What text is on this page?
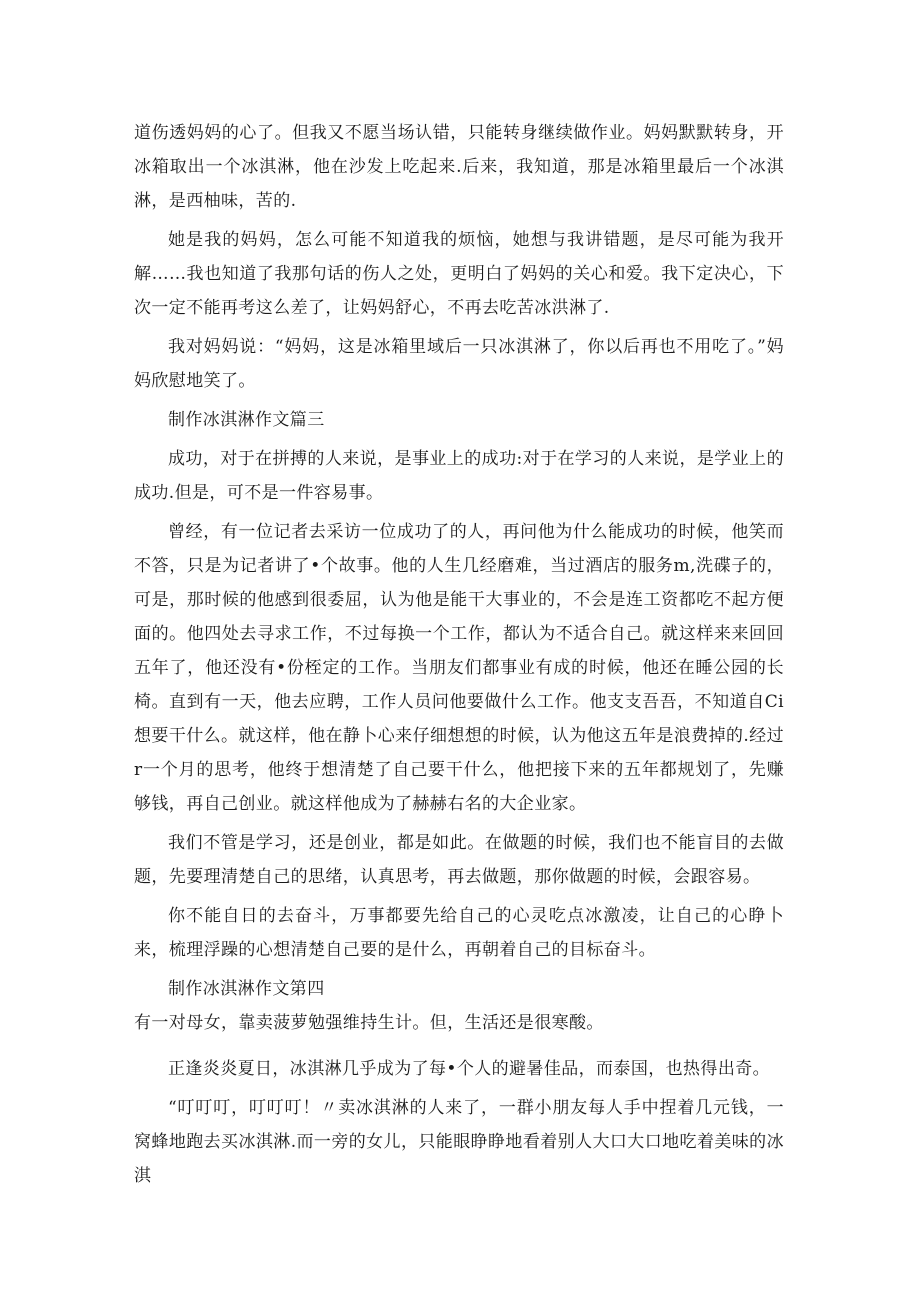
道伤透妈妈的心了。但我又不愿当场认错，只能转身继续做作业。妈妈默默转身，开冰箱取出一个冰淇淋，他在沙发上吃起来.后来，我知道，那是冰箱里最后一个冰淇淋，是西柚味，苦的.

她是我的妈妈，怎么可能不知道我的烦恼，她想与我讲错题，是尽可能为我开解……我也知道了我那句话的伤人之处，更明白了妈妈的关心和爱。我下定决心，下次一定不能再考这么差了，让妈妈舒心，不再去吃苦冰洪淋了.

我对妈妈说：“妈妈，这是冰箱里域后一只冰淇淋了，你以后再也不用吃了。”妈妈欣慰地笑了。

制作冰淇淋作文篇三

成功，对于在拼搏的人来说，是事业上的成功:对于在学习的人来说，是学业上的成功.但是，可不是一件容易事。

曾经，有一位记者去采访一位成功了的人，再问他为什么能成功的时候，他笑而不答，只是为记者讲了•个故事。他的人生几经磨难，当过酒店的服务m,洗碟子的，可是，那时候的他感到很委屈，认为他是能干大事业的，不会是连工资都吃不起方便面的。他四处去寻求工作，不过每换一个工作，都认为不适合自己。就这样来来回回五年了，他还没有•份桎定的工作。当朋友们都事业有成的时候，他还在睡公园的长椅。直到有一天，他去应聘，工作人员问他要做什么工作。他支支吾吾，不知道自Ci想要干什么。就这样，他在静卜心来仔细想想的时候，认为他这五年是浪费掉的.经过r一个月的思考，他终于想清楚了自己要干什么，他把接下来的五年都规划了，先赚够钱，再自己创业。就这样他成为了赫赫右名的大企业家。

我们不管是学习，还是创业，都是如此。在做题的时候，我们也不能盲目的去做题，先要理清楚自己的思绪，认真思考，再去做题，那你做题的时候，会跟容易。

你不能自日的去奋斗，万事都要先给自己的心灵吃点冰激凌，让自己的心睁卜来，梳理浮躁的心想清楚自己要的是什么，再朝着自己的目标奋斗。

制作冰淇淋作文第四

有一对母女，靠卖菠萝勉强维持生计。但，生活还是很寒酸。

正逢炎炎夏日，冰淇淋几乎成为了每•个人的避暑佳品，而泰国，也热得出奇。

“叮叮叮，叮叮叮！〃卖冰淇淋的人来了，一群小朋友每人手中捏着几元钱，一窝蜂地跑去买冰淇淋.而一旁的女儿，只能眼睁睁地看着别人大口大口地吃着美味的冰淇
